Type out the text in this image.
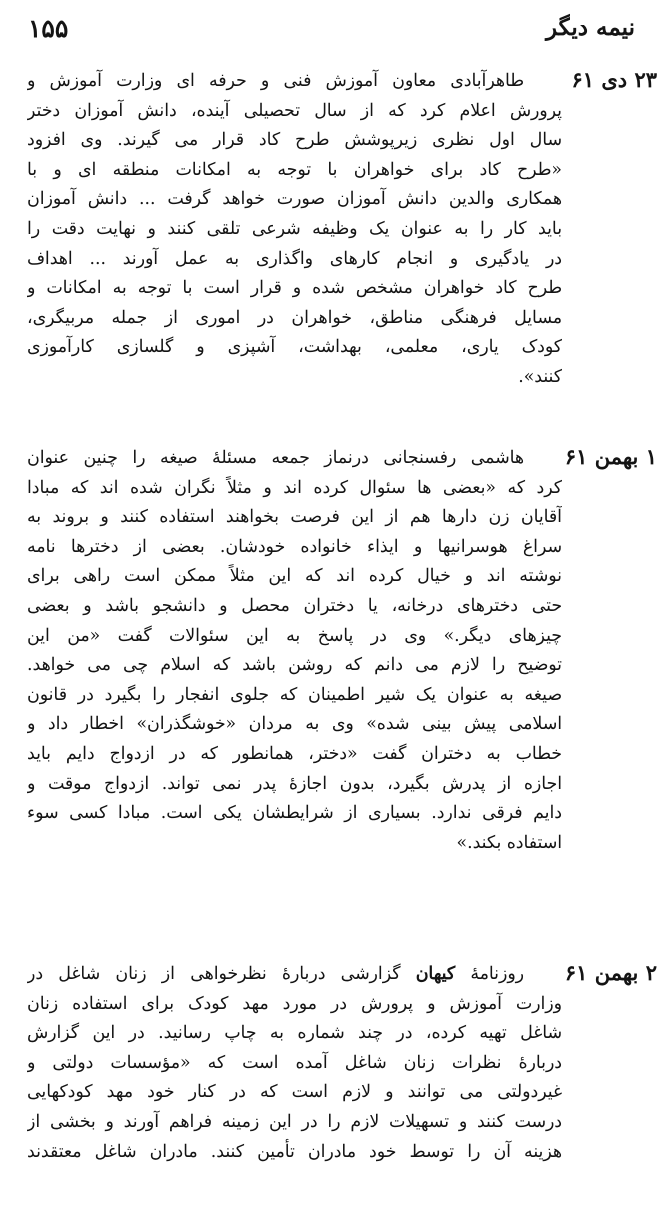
۱۵۵	نیمه دیگر
۲۳ دی ۶۱
طاهرآبادی معاون آموزش فنی و حرفه ای وزارت آموزش و
پرورش اعلام کرد که از سال تحصیلی آینده، دانش آموزان دختر
سال اول نظری زیرپوشش طرح کاد قرار می گیرند. وی افزود
«طرح کاد برای خواهران با توجه به امکانات منطقه ای و با
همکاری والدین دانش آموزان صورت خواهد گرفت ... دانش آموزان
باید کار را به عنوان یک وظیفه شرعی تلقی کنند و نهایت دقت را
در یادگیری و انجام کارهای واگذاری به عمل آورند ... اهداف
طرح کاد خواهران مشخص شده و قرار است با توجه به امکانات و
مسایل فرهنگی مناطق، خواهران در اموری از جمله مربیگری،
کودک یاری، معلمی، بهداشت، آشپزی و گلسازی کارآموزی
کنند».
۱ بهمن ۶۱
هاشمی رفسنجانی درنماز جمعه مسئلهٔ صیغه را چنین عنوان
کرد که «بعضی ها سئوال کرده اند و مثلاً نگران شده اند که مبادا
آقایان زن دارها هم از این فرصت بخواهند استفاده کنند و بروند به
سراغ هوسرانیها و ایذاء خانواده خودشان. بعضی از دخترها نامه
نوشته اند و خیال کرده اند که این مثلاً ممکن است راهی برای
حتی دخترهای درخانه، یا دختران محصل و دانشجو باشد و بعضی
چیزهای دیگر.» وی در پاسخ به این سئوالات گفت «من این
توضیح را لازم می دانم که روشن باشد که اسلام چی می خواهد.
صیغه به عنوان یک شیر اطمینان که جلوی انفجار را بگیرد در قانون
اسلامی پیش بینی شده» وی به مردان «خوشگذران» اخطار داد و
خطاب به دختران گفت «دختر، همانطور که در ازدواج دایم باید
اجازه از پدرش بگیرد، بدون اجازهٔ پدر نمی تواند. ازدواج موقت و
دایم فرقی ندارد. بسیاری از شرایطشان یکی است. مبادا کسی سوء
استفاده بکند.»
۲ بهمن ۶۱
روزنامهٔ کیهان گزارشی دربارهٔ نظرخواهی از زنان شاغل در
وزارت آموزش و پرورش در مورد مهد کودک برای استفاده زنان
شاغل تهیه کرده، در چند شماره به چاپ رسانید. در این گزارش
دربارهٔ نظرات زنان شاغل آمده است که «مؤسسات دولتی و
غیردولتی می توانند و لازم است که در کنار خود مهد کودکهایی
درست کنند و تسهیلات لازم را در این زمینه فراهم آورند و بخشی از
هزینه آن را توسط خود مادران تأمین کنند. مادران شاغل معتقدند
